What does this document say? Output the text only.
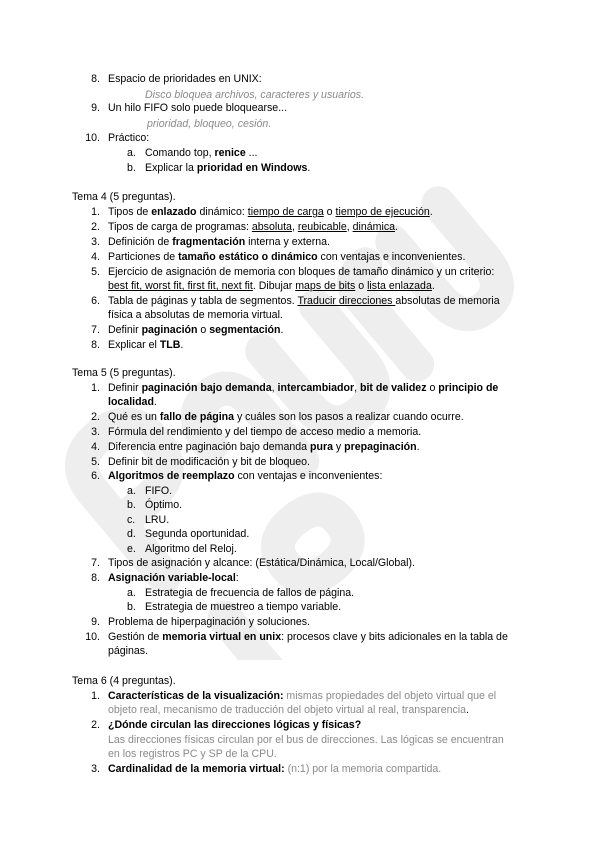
8. Espacio de prioridades en UNIX:
Disco bloquea archivos, caracteres y usuarios.
9. Un hilo FIFO solo puede bloquearse...
prioridad, bloqueo, cesión.
10. Práctico:
a. Comando top, renice ...
b. Explicar la prioridad en Windows.
Tema 4 (5 preguntas).
1. Tipos de enlazado dinámico: tiempo de carga o tiempo de ejecución.
2. Tipos de carga de programas: absoluta, reubicable, dinámica.
3. Definición de fragmentación interna y externa.
4. Particiones de tamaño estático o dinámico con ventajas e inconvenientes.
5. Ejercicio de asignación de memoria con bloques de tamaño dinámico y un criterio:
best fit, worst fit, first fit, next fit. Dibujar maps de bits o lista enlazada.
6. Tabla de páginas y tabla de segmentos. Traducir direcciones absolutas de memoria
física a absolutas de memoria virtual.
7. Definir paginación o segmentación.
8. Explicar el TLB.
Tema 5 (5 preguntas).
1. Definir paginación bajo demanda, intercambiador, bit de validez o principio de
localidad.
2. Qué es un fallo de página y cuáles son los pasos a realizar cuando ocurre.
3. Fórmula del rendimiento y del tiempo de acceso medio a memoria.
4. Diferencia entre paginación bajo demanda pura y prepaginación.
5. Definir bit de modificación y bit de bloqueo.
6. Algoritmos de reemplazo con ventajas e inconvenientes:
a. FIFO.
b. Óptimo.
c. LRU.
d. Segunda oportunidad.
e. Algoritmo del Reloj.
7. Tipos de asignación y alcance: (Estática/Dinámica, Local/Global).
8. Asignación variable-local:
a. Estrategia de frecuencia de fallos de página.
b. Estrategia de muestreo a tiempo variable.
9. Problema de hiperpaginación y soluciones.
10. Gestión de memoria virtual en unix: procesos clave y bits adicionales en la tabla de
páginas.
Tema 6 (4 preguntas).
1. Características de la visualización: mismas propiedades del objeto virtual que el
objeto real, mecanismo de traducción del objeto virtual al real, transparencia.
2. ¿Dónde circulan las direcciones lógicas y físicas?
Las direcciones físicas circulan por el bus de direcciones. Las lógicas se encuentran
en los registros PC y SP de la CPU.
3. Cardinalidad de la memoria virtual: (n:1) por la memoria compartida.
